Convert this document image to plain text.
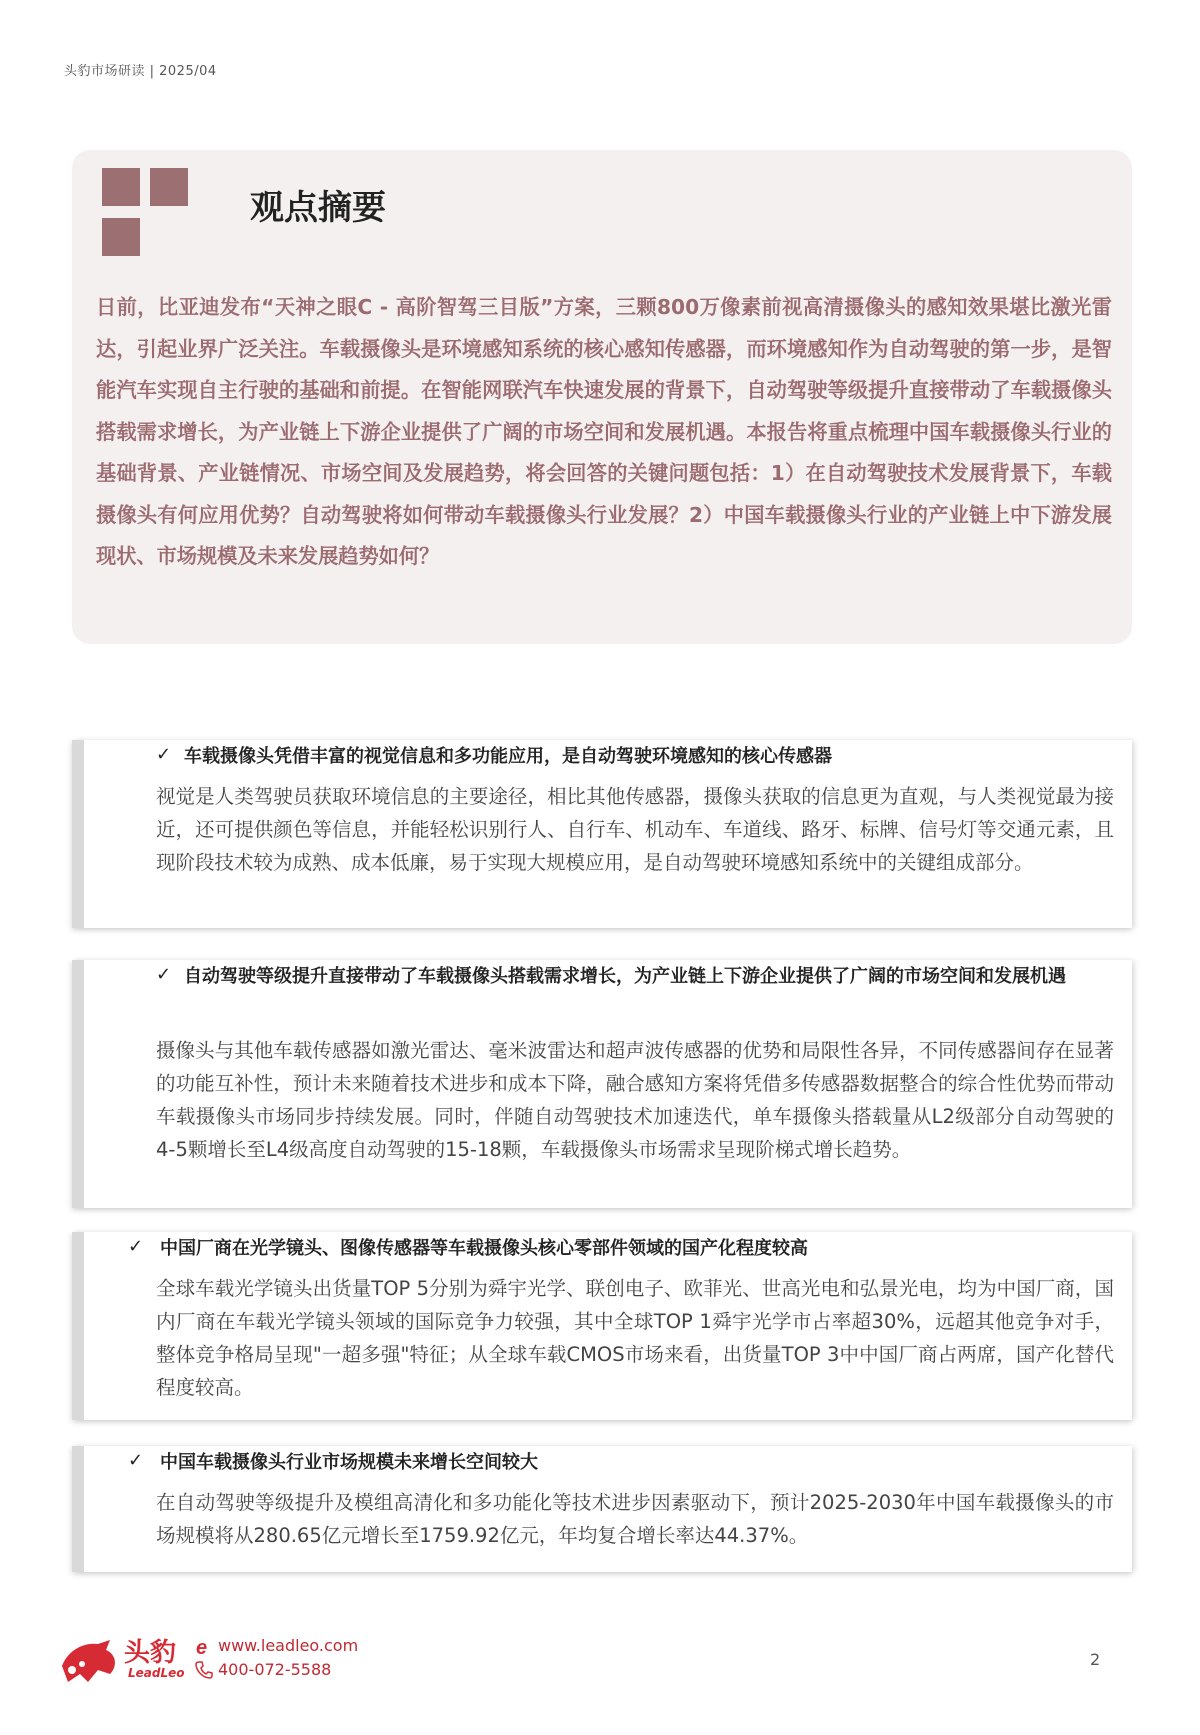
头豹市场研读 | 2025/04
观点摘要

日前，比亚迪发布“天神之眼C - 高阶智驾三目版”方案，三颗800万像素前视高清摄像头的感知效果堪比激光雷达，引起业界广泛关注。车载摄像头是环境感知系统的核心感知传感器，而环境感知作为自动驾驶的第一步，是智能汽车实现自主行驶的基础和前提。在智能网联汽车快速发展的背景下，自动驾驶等级提升直接带动了车载摄像头搭载需求增长，为产业链上下游企业提供了广阔的市场空间和发展机遇。本报告将重点梳理中国车载摄像头行业的基础背景、产业链情况、市场空间及发展趋势，将会回答的关键问题包括：1）在自动驾驶技术发展背景下，车载摄像头有何应用优势？自动驾驶将如何带动车载摄像头行业发展？2）中国车载摄像头行业的产业链上中下游发展现状、市场规模及未来发展趋势如何？

✓ 车载摄像头凭借丰富的视觉信息和多功能应用，是自动驾驶环境感知的核心传感器

视觉是人类驾驶员获取环境信息的主要途径，相比其他传感器，摄像头获取的信息更为直观，与人类视觉最为接近，还可提供颜色等信息，并能轻松识别行人、自行车、机动车、车道线、路牙、标牌、信号灯等交通元素，且现阶段技术较为成熟、成本低廉，易于实现大规模应用，是自动驾驶环境感知系统中的关键组成部分。

✓ 自动驾驶等级提升直接带动了车载摄像头搭载需求增长，为产业链上下游企业提供了广阔的市场空间和发展机遇

摄像头与其他车载传感器如激光雷达、毫米波雷达和超声波传感器的优势和局限性各异，不同传感器间存在显著的功能互补性，预计未来随着技术进步和成本下降，融合感知方案将凭借多传感器数据整合的综合性优势而带动车载摄像头市场同步持续发展。同时，伴随自动驾驶技术加速迭代，单车摄像头搭载量从L2级部分自动驾驶的4-5颗增长至L4级高度自动驾驶的15-18颗，车载摄像头市场需求呈现阶梯式增长趋势。

✓ 中国厂商在光学镜头、图像传感器等车载摄像头核心零部件领域的国产化程度较高

全球车载光学镜头出货量TOP 5分别为舜宇光学、联创电子、欧菲光、世高光电和弘景光电，均为中国厂商，国内厂商在车载光学镜头领域的国际竞争力较强，其中全球TOP 1舜宇光学市占率超30%，远超其他竞争对手，整体竞争格局呈现"一超多强"特征；从全球车载CMOS市场来看，出货量TOP 3中中国厂商占两席，国产化替代程度较高。

✓ 中国车载摄像头行业市场规模未来增长空间较大

在自动驾驶等级提升及模组高清化和多功能化等技术进步因素驱动下，预计2025-2030年中国车载摄像头的市场规模将从280.65亿元增长至1759.92亿元，年均复合增长率达44.37%。

头豹
LeadLeo
e www.leadleo.com
400-072-5588
2
